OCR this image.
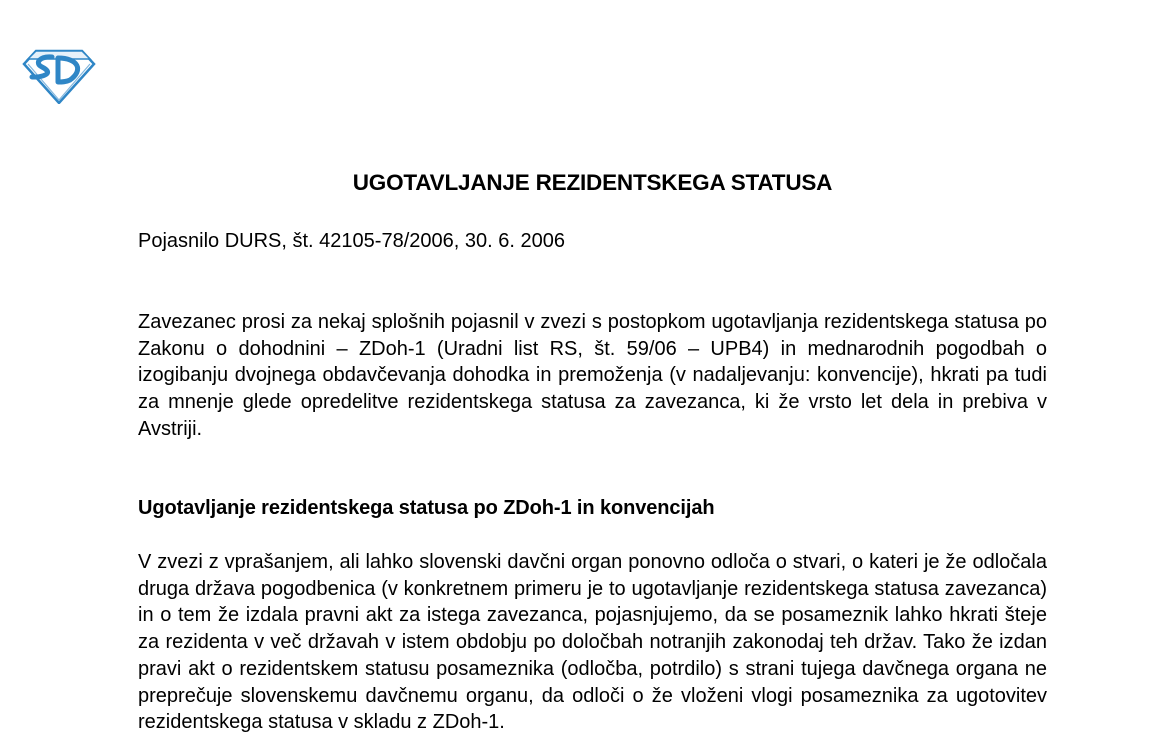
UGOTAVLJANJE REZIDENTSKEGA STATUSA

Pojasnilo DURS, št. 42105-78/2006, 30. 6. 2006

Zavezanec prosi za nekaj splošnih pojasnil v zvezi s postopkom ugotavljanja rezidentskega statusa po Zakonu o dohodnini – ZDoh-1 (Uradni list RS, št. 59/06 – UPB4) in mednarodnih pogodbah o izogibanju dvojnega obdavčevanja dohodka in premoženja (v nadaljevanju: konvencije), hkrati pa tudi za mnenje glede opredelitve rezidentskega statusa za zavezanca, ki že vrsto let dela in prebiva v Avstriji.

Ugotavljanje rezidentskega statusa po ZDoh-1 in konvencijah

V zvezi z vprašanjem, ali lahko slovenski davčni organ ponovno odloča o stvari, o kateri je že odločala druga država pogodbenica (v konkretnem primeru je to ugotavljanje rezidentskega statusa zavezanca) in o tem že izdala pravni akt za istega zavezanca, pojasnjujemo, da se posameznik lahko hkrati šteje za rezidenta v več državah v istem obdobju po določbah notranjih zakonodaj teh držav. Tako že izdan pravi akt o rezidentskem statusu posameznika (odločba, potrdilo) s strani tujega davčnega organa ne preprečuje slovenskemu davčnemu organu, da odloči o že vloženi vlogi posameznika za ugotovitev rezidentskega statusa v skladu z ZDoh-1.
